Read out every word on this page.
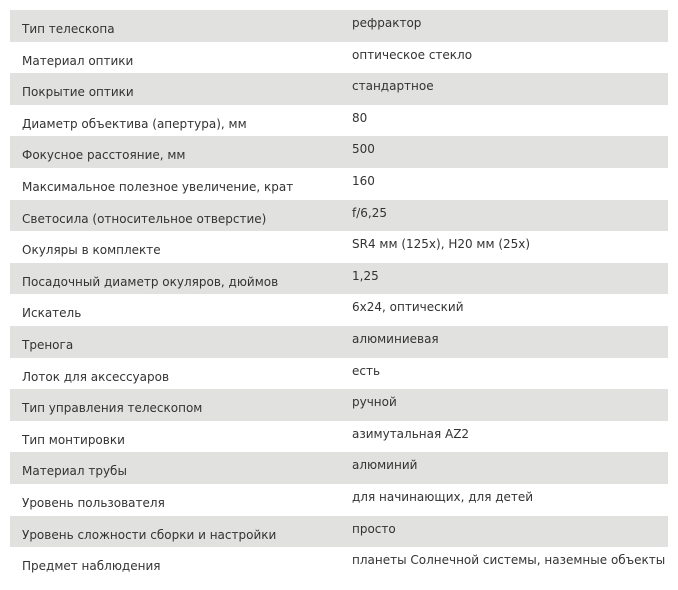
Тип телескопа	рефрактор
Материал оптики	оптическое стекло
Покрытие оптики	стандартное
Диаметр объектива (апертура), мм	80
Фокусное расстояние, мм	500
Максимальное полезное увеличение, крат	160
Светосила (относительное отверстие)	f/6,25
Окуляры в комплекте	SR4 мм (125x), H20 мм (25x)
Посадочный диаметр окуляров, дюймов	1,25
Искатель	6x24, оптический
Тренога	алюминиевая
Лоток для аксессуаров	есть
Тип управления телескопом	ручной
Тип монтировки	азимутальная AZ2
Материал трубы	алюминий
Уровень пользователя	для начинающих, для детей
Уровень сложности сборки и настройки	просто
Предмет наблюдения	планеты Солнечной системы, наземные объекты
